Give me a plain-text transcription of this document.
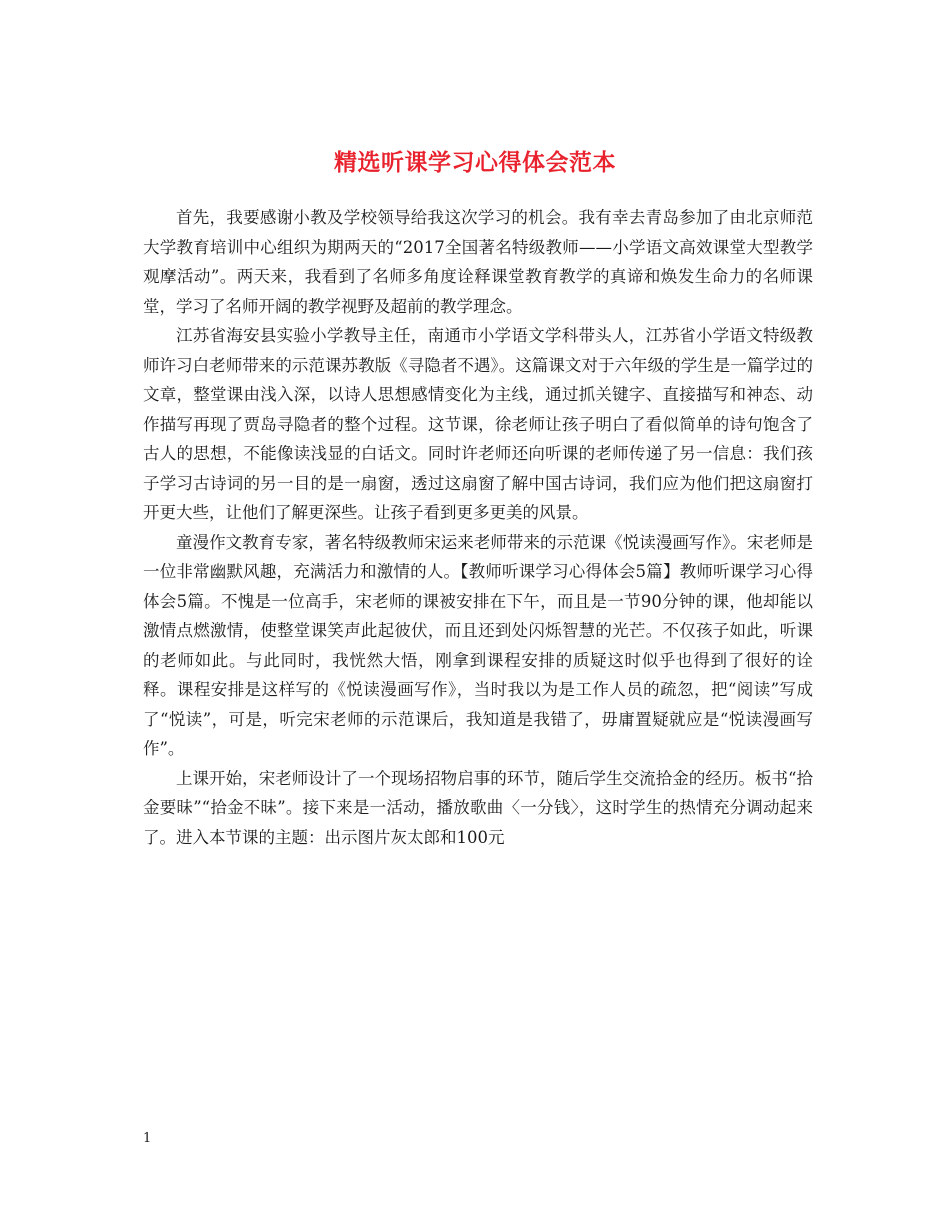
精选听课学习心得体会范本

首先，我要感谢小教及学校领导给我这次学习的机会。我有幸去青岛参加了由北京师范大学教育培训中心组织为期两天的“2017全国著名特级教师——小学语文高效课堂大型教学观摩活动”。两天来，我看到了名师多角度诠释课堂教育教学的真谛和焕发生命力的名师课堂，学习了名师开阔的教学视野及超前的教学理念。

江苏省海安县实验小学教导主任，南通市小学语文学科带头人，江苏省小学语文特级教师许习白老师带来的示范课苏教版《寻隐者不遇》。这篇课文对于六年级的学生是一篇学过的文章，整堂课由浅入深，以诗人思想感情变化为主线，通过抓关键字、直接描写和神态、动作描写再现了贾岛寻隐者的整个过程。这节课，徐老师让孩子明白了看似简单的诗句饱含了古人的思想，不能像读浅显的白话文。同时许老师还向听课的老师传递了另一信息：我们孩子学习古诗词的另一目的是一扇窗，透过这扇窗了解中国古诗词，我们应为他们把这扇窗打开更大些，让他们了解更深些。让孩子看到更多更美的风景。

童漫作文教育专家，著名特级教师宋运来老师带来的示范课《悦读漫画写作》。宋老师是一位非常幽默风趣，充满活力和激情的人。【教师听课学习心得体会5篇】教师听课学习心得体会5篇。不愧是一位高手，宋老师的课被安排在下午，而且是一节90分钟的课，他却能以激情点燃激情，使整堂课笑声此起彼伏，而且还到处闪烁智慧的光芒。不仅孩子如此，听课的老师如此。与此同时，我恍然大悟，刚拿到课程安排的质疑这时似乎也得到了很好的诠释。课程安排是这样写的《悦读漫画写作》，当时我以为是工作人员的疏忽，把“阅读”写成了“悦读”，可是，听完宋老师的示范课后，我知道是我错了，毋庸置疑就应是“悦读漫画写作”。

上课开始，宋老师设计了一个现场招物启事的环节，随后学生交流拾金的经历。板书“拾金要昧”“拾金不昧”。接下来是一活动，播放歌曲〈一分钱〉，这时学生的热情充分调动起来了。进入本节课的主题：出示图片灰太郎和100元

1
